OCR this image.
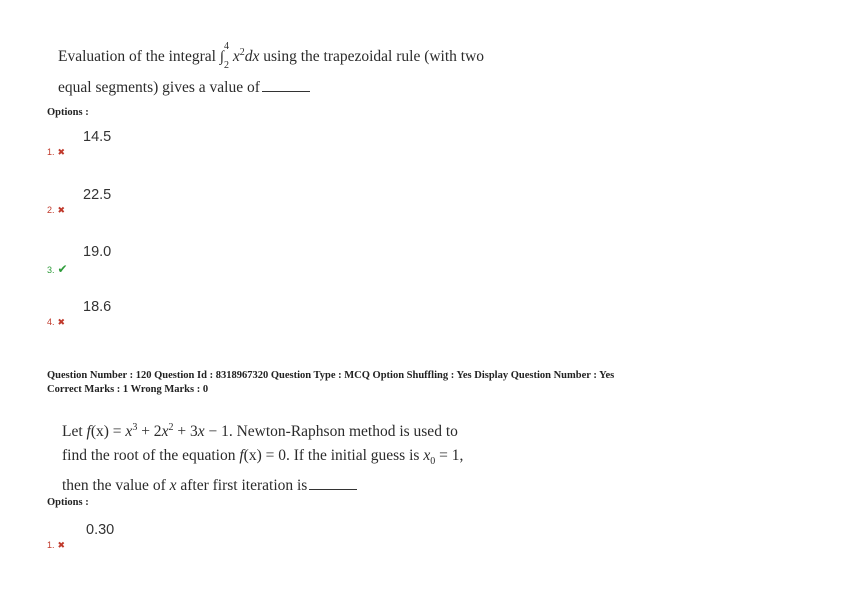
Evaluation of the integral ∫$^4_2$ $x^2dx$ using the trapezoidal rule (with two
equal segments) gives a value of
Options :
14.5
1. ✖
22.5
2. ✖
19.0
3. ✔
18.6
4. ✖
Question Number : 120 Question Id : 8318967320 Question Type : MCQ Option Shuffling : Yes Display Question Number : Yes
Correct Marks : 1 Wrong Marks : 0
Let $f(x) = x^3 + 2x^2 + 3x - 1$. Newton-Raphson method is used to
find the root of the equation f(x) = 0. If the initial guess is $x_0 = 1$,
then the value of x after first iteration is
Options :
0.30
1. ✖
